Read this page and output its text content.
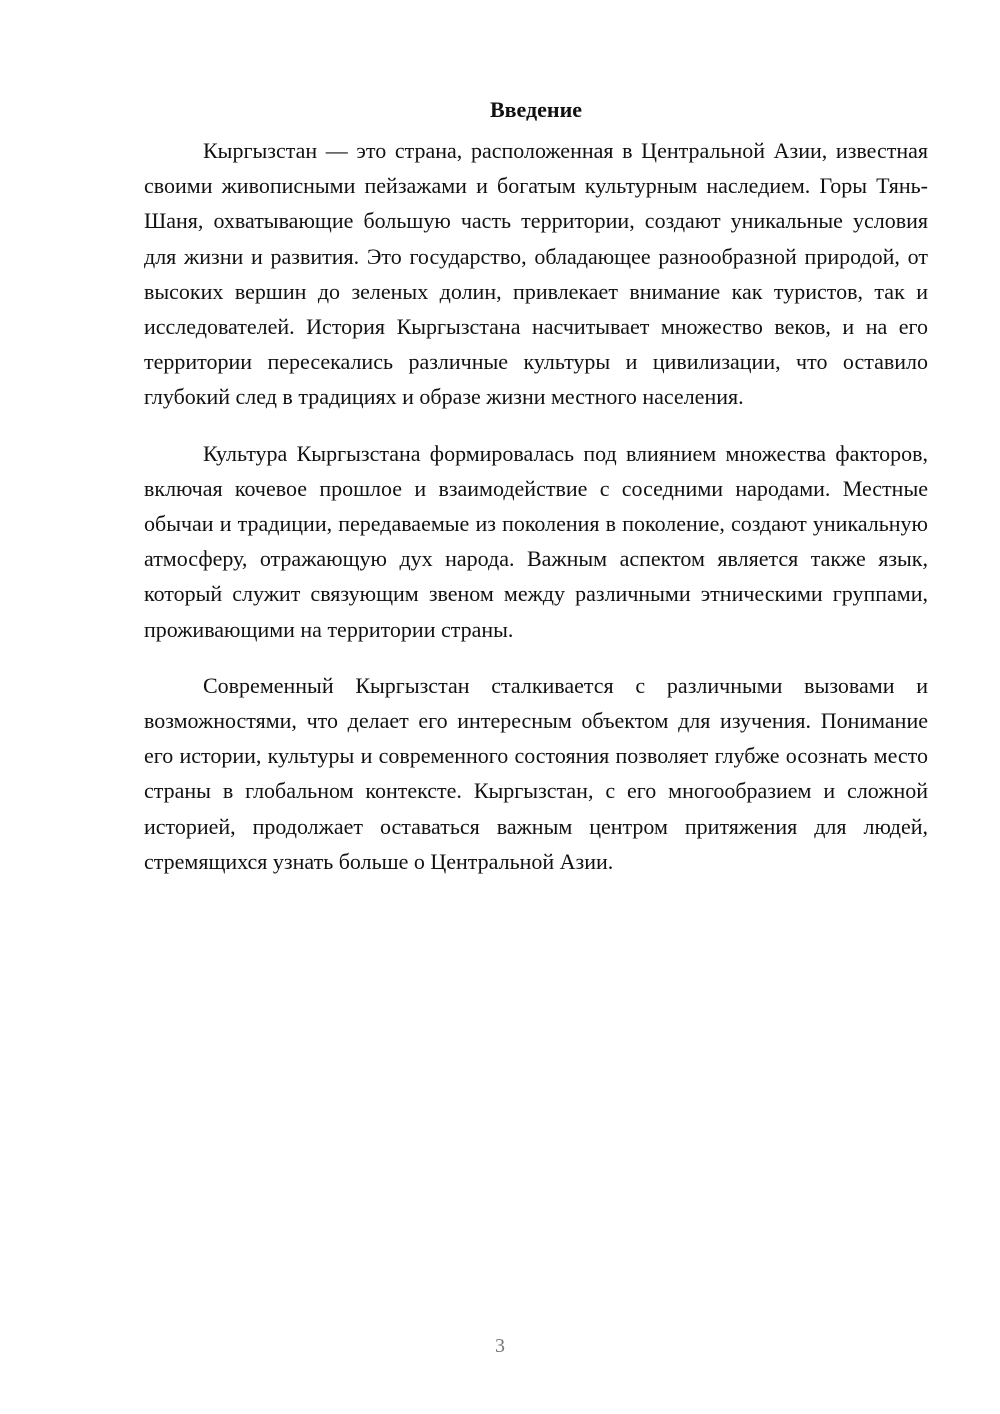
Введение

Кыргызстан — это страна, расположенная в Центральной Азии, известная своими живописными пейзажами и богатым культурным наследием. Горы Тянь-Шаня, охватывающие большую часть территории, создают уникальные условия для жизни и развития. Это государство, обладающее разнообразной природой, от высоких вершин до зеленых долин, привлекает внимание как туристов, так и исследователей. История Кыргызстана насчитывает множество веков, и на его территории пересекались различные культуры и цивилизации, что оставило глубокий след в традициях и образе жизни местного населения.

Культура Кыргызстана формировалась под влиянием множества факторов, включая кочевое прошлое и взаимодействие с соседними народами. Местные обычаи и традиции, передаваемые из поколения в поколение, создают уникальную атмосферу, отражающую дух народа. Важным аспектом является также язык, который служит связующим звеном между различными этническими группами, проживающими на территории страны.

Современный Кыргызстан сталкивается с различными вызовами и возможностями, что делает его интересным объектом для изучения. Понимание его истории, культуры и современного состояния позволяет глубже осознать место страны в глобальном контексте. Кыргызстан, с его многообразием и сложной историей, продолжает оставаться важным центром притяжения для людей, стремящихся узнать больше о Центральной Азии.

3
